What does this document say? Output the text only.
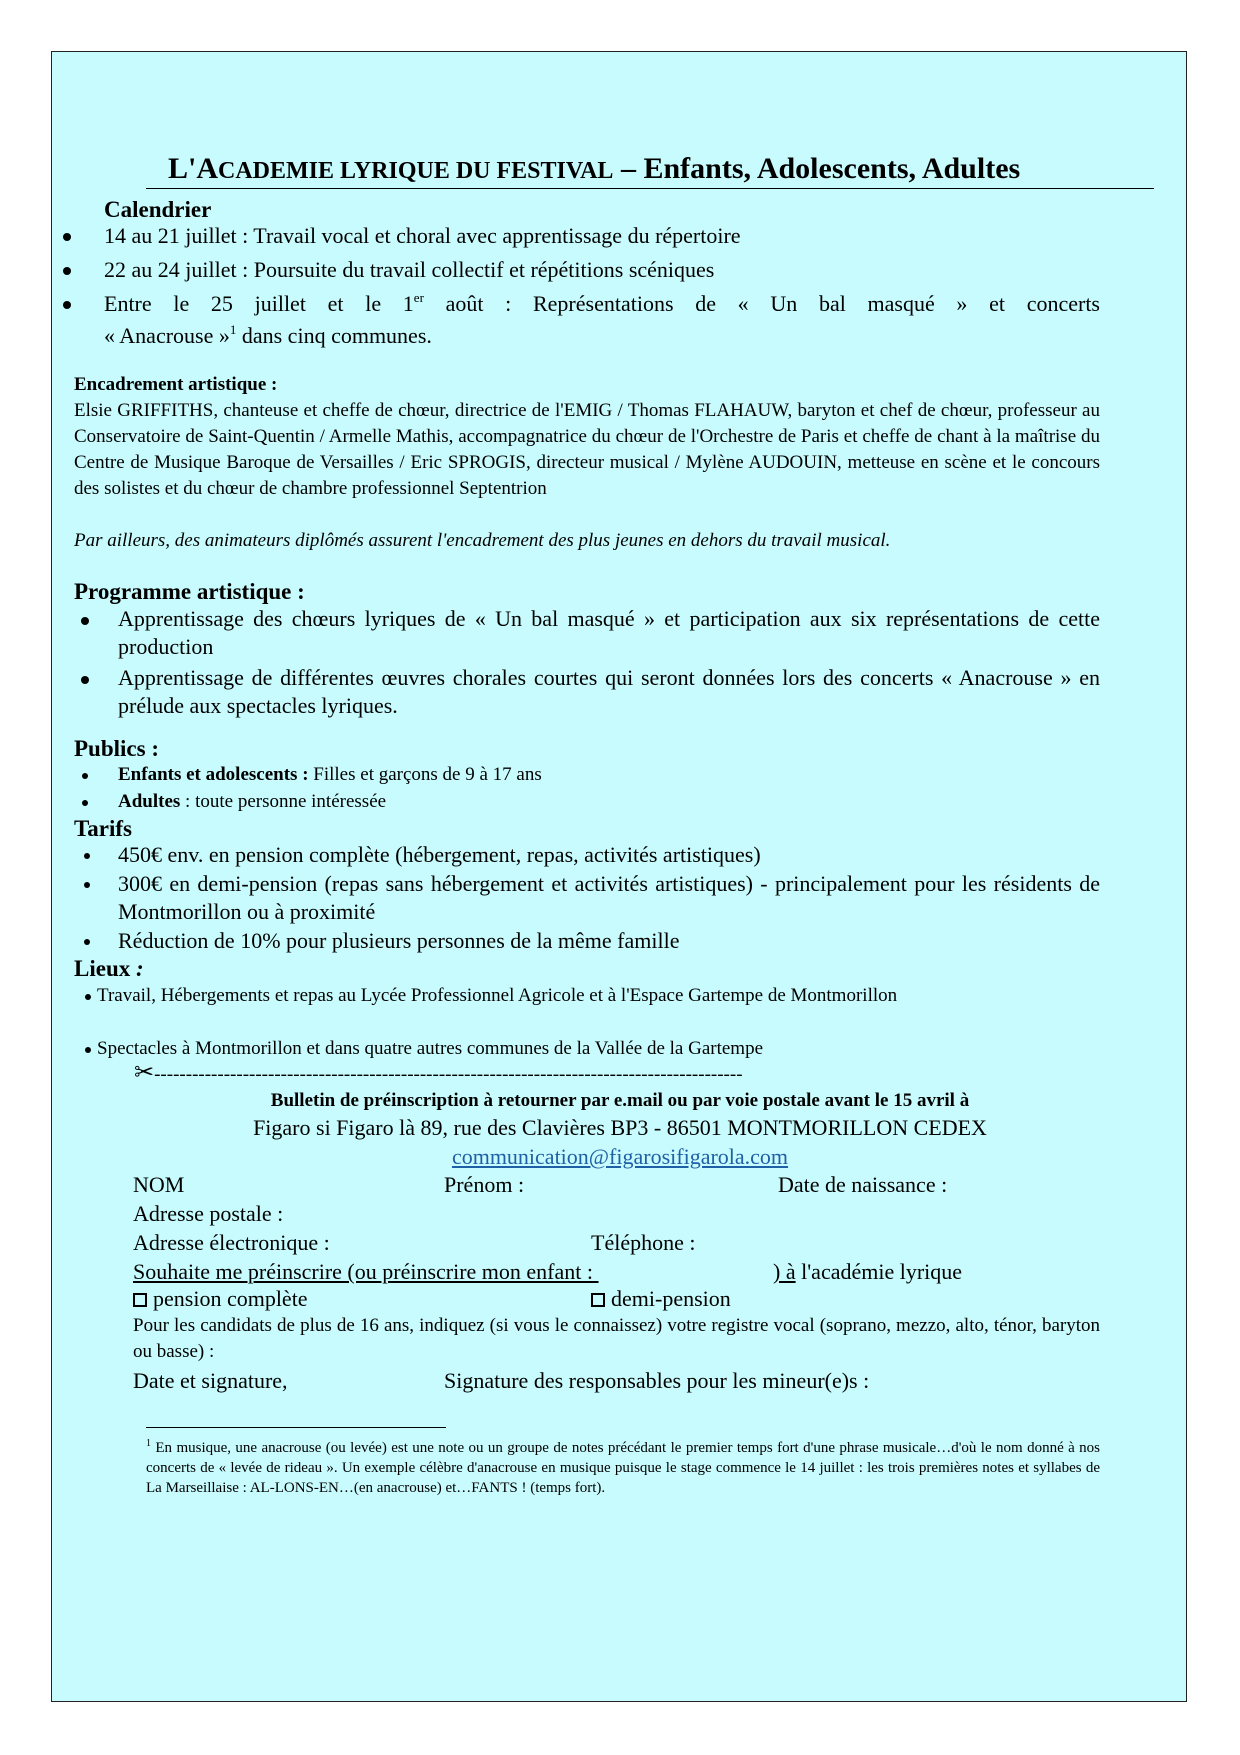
L'ACADEMIE LYRIQUE DU FESTIVAL – Enfants, Adolescents, Adultes
Calendrier
14 au 21 juillet : Travail vocal et choral avec apprentissage du répertoire
22 au 24 juillet : Poursuite du travail collectif et répétitions scéniques
Entre le 25 juillet et le 1er août : Représentations de « Un bal masqué » et concerts
« Anacrouse »$^1$ dans cinq communes.
Encadrement artistique :
Elsie GRIFFITHS, chanteuse et cheffe de chœur, directrice de l'EMIG / Thomas FLAHAUW, baryton et chef de chœur, professeur au Conservatoire de Saint-Quentin / Armelle Mathis, accompagnatrice du chœur de l'Orchestre de Paris et cheffe de chant à la maîtrise du Centre de Musique Baroque de Versailles / Eric SPROGIS, directeur musical / Mylène AUDOUIN, metteuse en scène et le concours des solistes et du chœur de chambre professionnel Septentrion
Par ailleurs, des animateurs diplômés assurent l'encadrement des plus jeunes en dehors du travail musical.
Programme artistique :
Apprentissage des chœurs lyriques de « Un bal masqué » et participation aux six représentations de cette production
Apprentissage de différentes œuvres chorales courtes qui seront données lors des concerts « Anacrouse » en prélude aux spectacles lyriques.
Publics :
Enfants et adolescents : Filles et garçons de 9 à 17 ans
Adultes : toute personne intéressée
Tarifs
450€ env. en pension complète (hébergement, repas, activités artistiques)
300€ en demi-pension (repas sans hébergement et activités artistiques) - principalement pour les résidents de Montmorillon ou à proximité
Réduction de 10% pour plusieurs personnes de la même famille
Lieux :
Travail, Hébergements et repas au Lycée Professionnel Agricole et à l'Espace Gartempe de Montmorillon
Spectacles à Montmorillon et dans quatre autres communes de la Vallée de la Gartempe
✂---------------------------------------------------------------------------------------------
Bulletin de préinscription à retourner par e.mail ou par voie postale avant le 15 avril à
Figaro si Figaro là 89, rue des Clavières BP3 - 86501 MONTMORILLON CEDEX
communication@figarosifigarola.com
NOM	Prénom :	Date de naissance :
Adresse postale :
Adresse électronique :	Téléphone :
Souhaite me préinscrire (ou préinscrire mon enfant :	) à l'académie lyrique
pension complète	demi-pension
Pour les candidats de plus de 16 ans, indiquez (si vous le connaissez) votre registre vocal (soprano, mezzo, alto, ténor, baryton ou basse) :
Date et signature,	Signature des responsables pour les mineur(e)s :
$^1$ En musique, une anacrouse (ou levée) est une note ou un groupe de notes précédant le premier temps fort d'une phrase musicale…d'où le nom donné à nos concerts de « levée de rideau ». Un exemple célèbre d'anacrouse en musique puisque le stage commence le 14 juillet : les trois premières notes et syllabes de La Marseillaise : AL-LONS-EN…(en anacrouse) et…FANTS ! (temps fort).
